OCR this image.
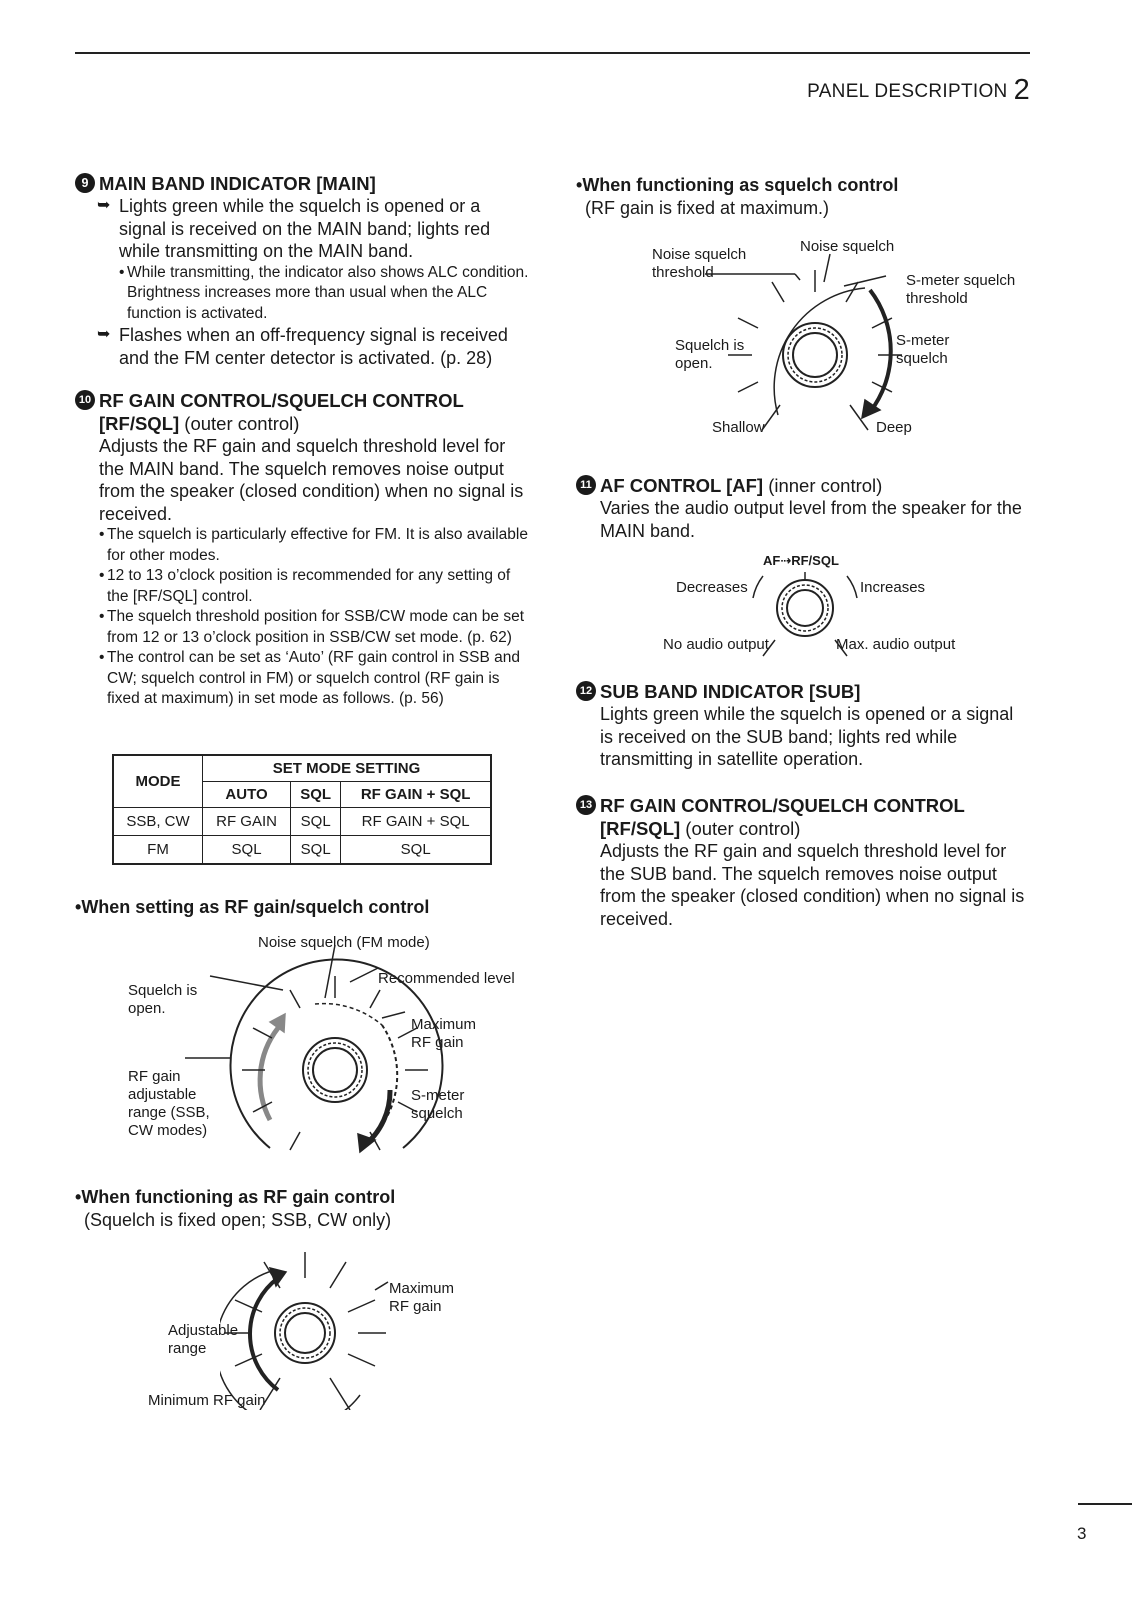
PANEL DESCRIPTION 2
9 MAIN BAND INDICATOR [MAIN]
➥ Lights green while the squelch is opened or a signal is received on the MAIN band; lights red while transmitting on the MAIN band.
• While transmitting, the indicator also shows ALC condition. Brightness increases more than usual when the ALC function is activated.
➥ Flashes when an off-frequency signal is received and the FM center detector is activated. (p. 28)
10 RF GAIN CONTROL/SQUELCH CONTROL
[RF/SQL] (outer control)
Adjusts the RF gain and squelch threshold level for the MAIN band. The squelch removes noise output from the speaker (closed condition) when no signal is received.
• The squelch is particularly effective for FM. It is also available for other modes.
• 12 to 13 o’clock position is recommended for any setting of the [RF/SQL] control.
• The squelch threshold position for SSB/CW mode can be set from 12 or 13 o’clock position in SSB/CW set mode. (p. 62)
• The control can be set as ‘Auto’ (RF gain control in SSB and CW; squelch control in FM) or squelch control (RF gain is fixed at maximum) in set mode as follows. (p. 56)
MODE	SET MODE SETTING		
	AUTO	SQL	RF GAIN + SQL
SSB, CW	RF GAIN	SQL	RF GAIN + SQL
FM	SQL	SQL	SQL
•When setting as RF gain/squelch control
Noise squelch (FM mode)
Recommended level
Squelch is
open.
Maximum
RF gain
RF gain
adjustable
range (SSB,
CW modes)
S-meter
squelch
•When functioning as RF gain control
(Squelch is fixed open; SSB, CW only)
Maximum
RF gain
Adjustable
range
Minimum RF gain
•When functioning as squelch control
(RF gain is fixed at maximum.)
Noise squelch
threshold
Noise squelch
S-meter squelch
threshold
Squelch is
open.
S-meter
squelch
Shallow	Deep
11 AF CONTROL [AF] (inner control)
Varies the audio output level from the speaker for the MAIN band.
AF⇢RF/SQL
Decreases	Increases
No audio output	Max. audio output
12 SUB BAND INDICATOR [SUB]
Lights green while the squelch is opened or a signal is received on the SUB band; lights red while transmitting in satellite operation.
13 RF GAIN CONTROL/SQUELCH CONTROL
[RF/SQL] (outer control)
Adjusts the RF gain and squelch threshold level for the SUB band. The squelch removes noise output from the speaker (closed condition) when no signal is received.
3
